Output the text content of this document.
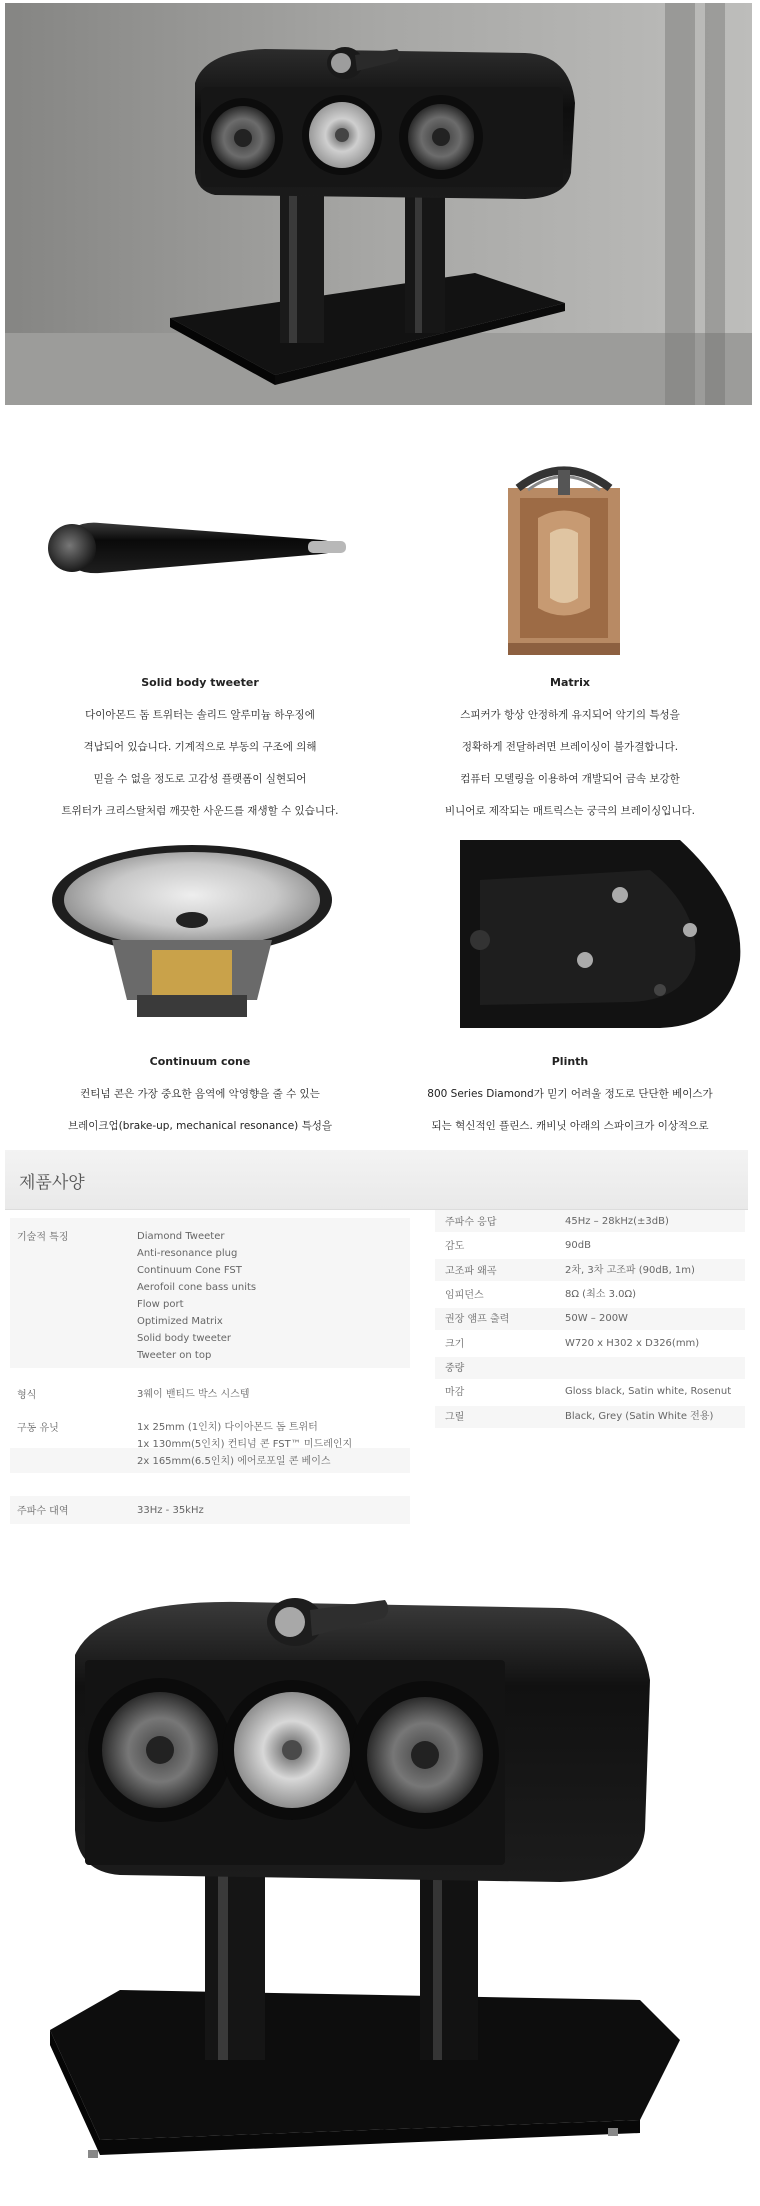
Solid body tweeter

다이아몬드 돔 트위터는 솔리드 알루미늄 하우징에

격납되어 있습니다. 기계적으로 부동의 구조에 의해

믿을 수 없을 정도로 고감성 플랫폼이 실현되어

트위터가 크리스탈처럼 깨끗한 사운드를 재생할 수 있습니다.

Matrix

스피커가 항상 안정하게 유지되어 악기의 특성을

정확하게 전달하려면 브레이싱이 불가결합니다.

컴퓨터 모델링을 이용하여 개발되어 금속 보강한

비니어로 제작되는 매트릭스는 궁극의 브레이싱입니다.

Continuum cone

컨티넘 콘은 가장 중요한 음역에 악영향을 줄 수 있는

브레이크업(brake-up, mechanical resonance) 특성을

Plinth

800 Series Diamond가 믿기 어려울 정도로 단단한 베이스가

되는 혁신적인 플린스. 캐비닛 아래의 스파이크가 이상적으로

제품사양
기술적 특징	Diamond Tweeter
Anti-resonance plug
Continuum Cone FST
Aerofoil cone bass units
Flow port
Optimized Matrix
Solid body tweeter
Tweeter on top
형식	3웨이 밴티드 박스 시스템
구동 유닛	1x 25mm (1인치) 다이아몬드 돔 트위터
1x 130mm(5인치) 컨티넘 콘 FST™ 미드레인지
2x 165mm(6.5인치) 에어로포일 콘 베이스
주파수 대역	33Hz - 35kHz
주파수 응답	45Hz – 28kHz(±3dB)
감도	90dB
고조파 왜곡	2차, 3차 고조파 (90dB, 1m)
임피던스	8Ω (최소 3.0Ω)
권장 앰프 출력	50W – 200W
크기	W720 x H302 x D326(mm)
중량
마감	Gloss black, Satin white, Rosenut
그릴	Black, Grey (Satin White 전용)
